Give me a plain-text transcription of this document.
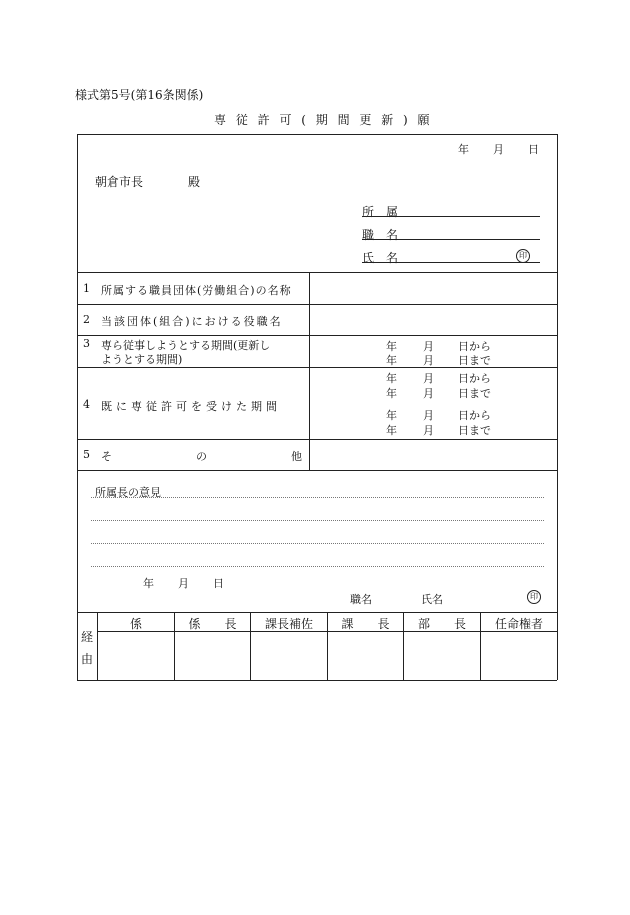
様式第5号(第16条関係)
専 従 許 可 ( 期 間 更 新 ) 願
年 月 日
朝倉市長	殿
所　属
職　名
氏　名	印
1 所属する職員団体(労働組合)の名称
2 当該団体(組合)における役職名
3 専ら従事しようとする期間(更新し
ようとする期間)
年 月 日から
年 月 日まで
4 既に専従許可を受けた期間
年 月 日から
年 月 日まで
年 月 日から
年 月 日まで
5 そ	の	他
所属長の意見
年 月 日
職名	氏名	印
経
由
係	係　　長	課長補佐	課　　長	部　　長	任命権者
